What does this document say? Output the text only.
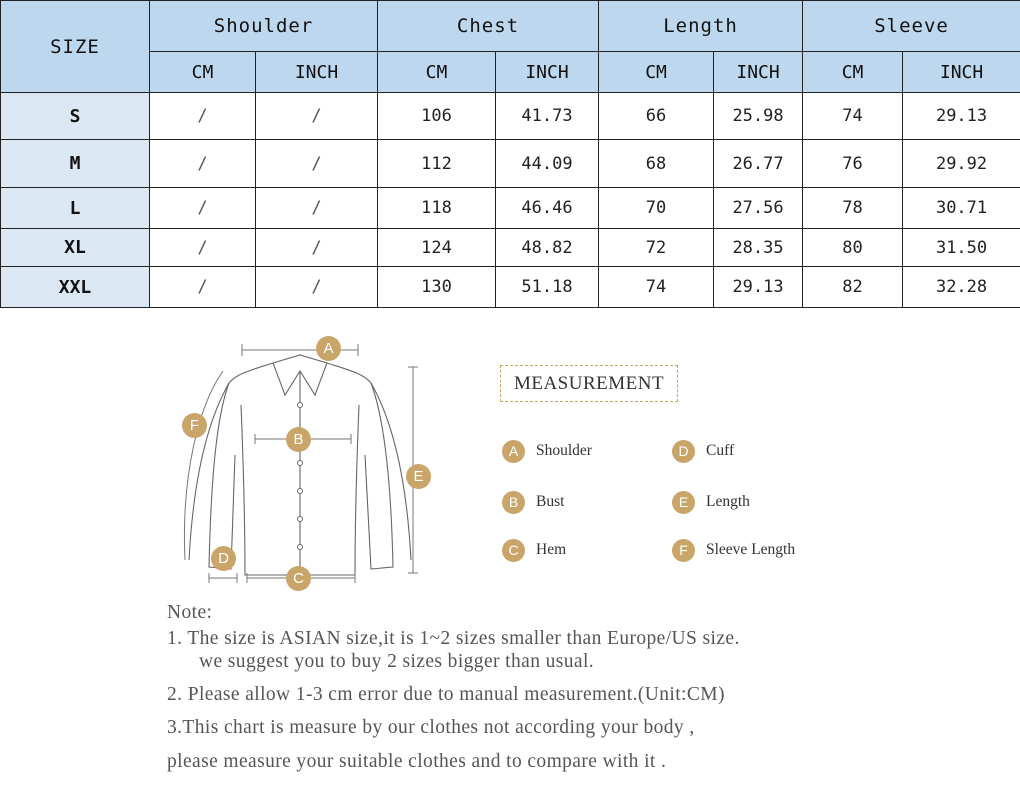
SIZE	Shoulder		Chest		Length		Sleeve	
	CM	INCH	CM	INCH	CM	INCH	CM	INCH
S	/	/	106	41.73	66	25.98	74	29.13
M	/	/	112	44.09	68	26.77	76	29.92
L	/	/	118	46.46	70	27.56	78	30.71
XL	/	/	124	48.82	72	28.35	80	31.50
XXL	/	/	130	51.18	74	29.13	82	32.28
A
B
C
D
E
F
MEASUREMENT
A	Shoulder	D	Cuff
B	Bust	E	Length
C	Hem	F	Sleeve Length
Note:
1. The size is ASIAN size,it is 1~2 sizes smaller than Europe/US size.
we suggest you to buy 2 sizes bigger than usual.
2. Please allow 1-3 cm error due to manual measurement.(Unit:CM)
3.This chart is measure by our clothes not according your body ,
please measure your suitable clothes and to compare with it .
